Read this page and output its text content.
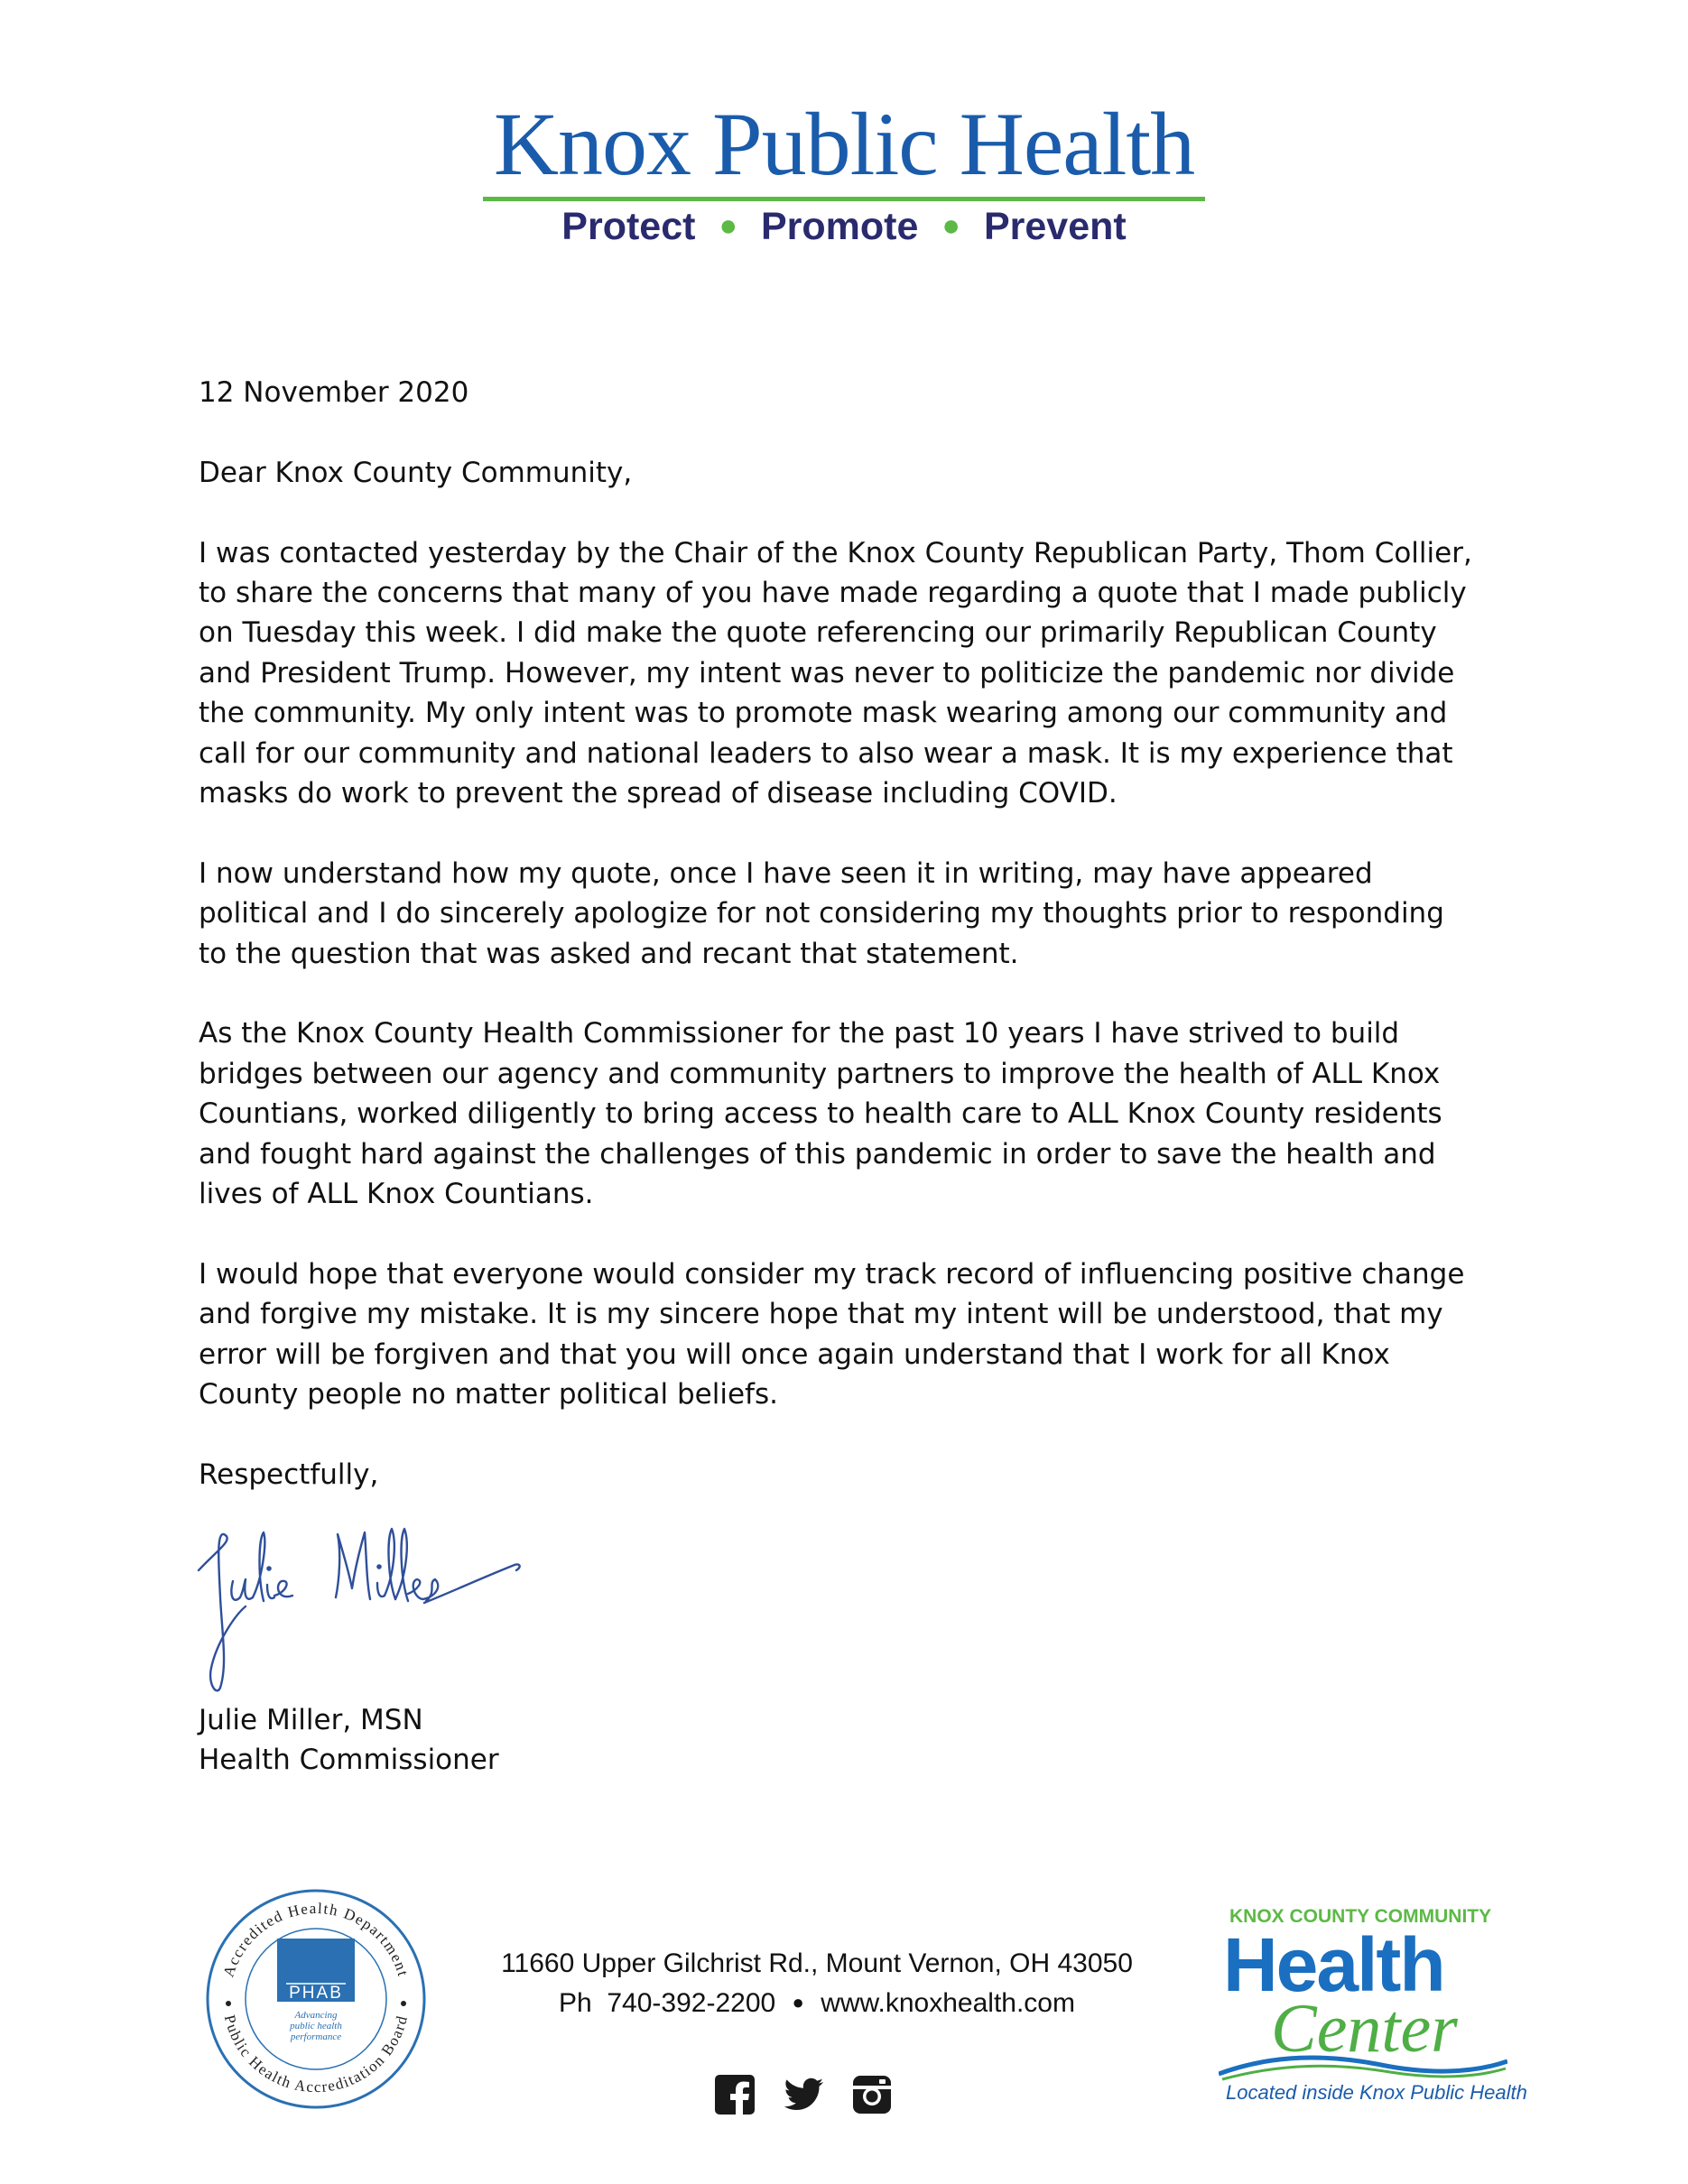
Knox Public Health
Protect ● Promote ● Prevent

12 November 2020

Dear Knox County Community,

I was contacted yesterday by the Chair of the Knox County Republican Party, Thom Collier, to share the concerns that many of you have made regarding a quote that I made publicly on Tuesday this week. I did make the quote referencing our primarily Republican County and President Trump. However, my intent was never to politicize the pandemic nor divide the community. My only intent was to promote mask wearing among our community and call for our community and national leaders to also wear a mask. It is my experience that masks do work to prevent the spread of disease including COVID.

I now understand how my quote, once I have seen it in writing, may have appeared political and I do sincerely apologize for not considering my thoughts prior to responding to the question that was asked and recant that statement.

As the Knox County Health Commissioner for the past 10 years I have strived to build bridges between our agency and community partners to improve the health of ALL Knox Countians, worked diligently to bring access to health care to ALL Knox County residents and fought hard against the challenges of this pandemic in order to save the health and lives of ALL Knox Countians.

I would hope that everyone would consider my track record of influencing positive change and forgive my mistake. It is my sincere hope that my intent will be understood, that my error will be forgiven and that you will once again understand that I work for all Knox County people no matter political beliefs.

Respectfully,

Julie Miller, MSN
Health Commissioner
Accredited Health Department
Public Health Accreditation Board
PHAB
Advancing
public health
performance
11660 Upper Gilchrist Rd., Mount Vernon, OH 43050
Ph 740-392-2200 ● www.knoxhealth.com
KNOX COUNTY COMMUNITY
Health
Center
Located inside Knox Public Health
